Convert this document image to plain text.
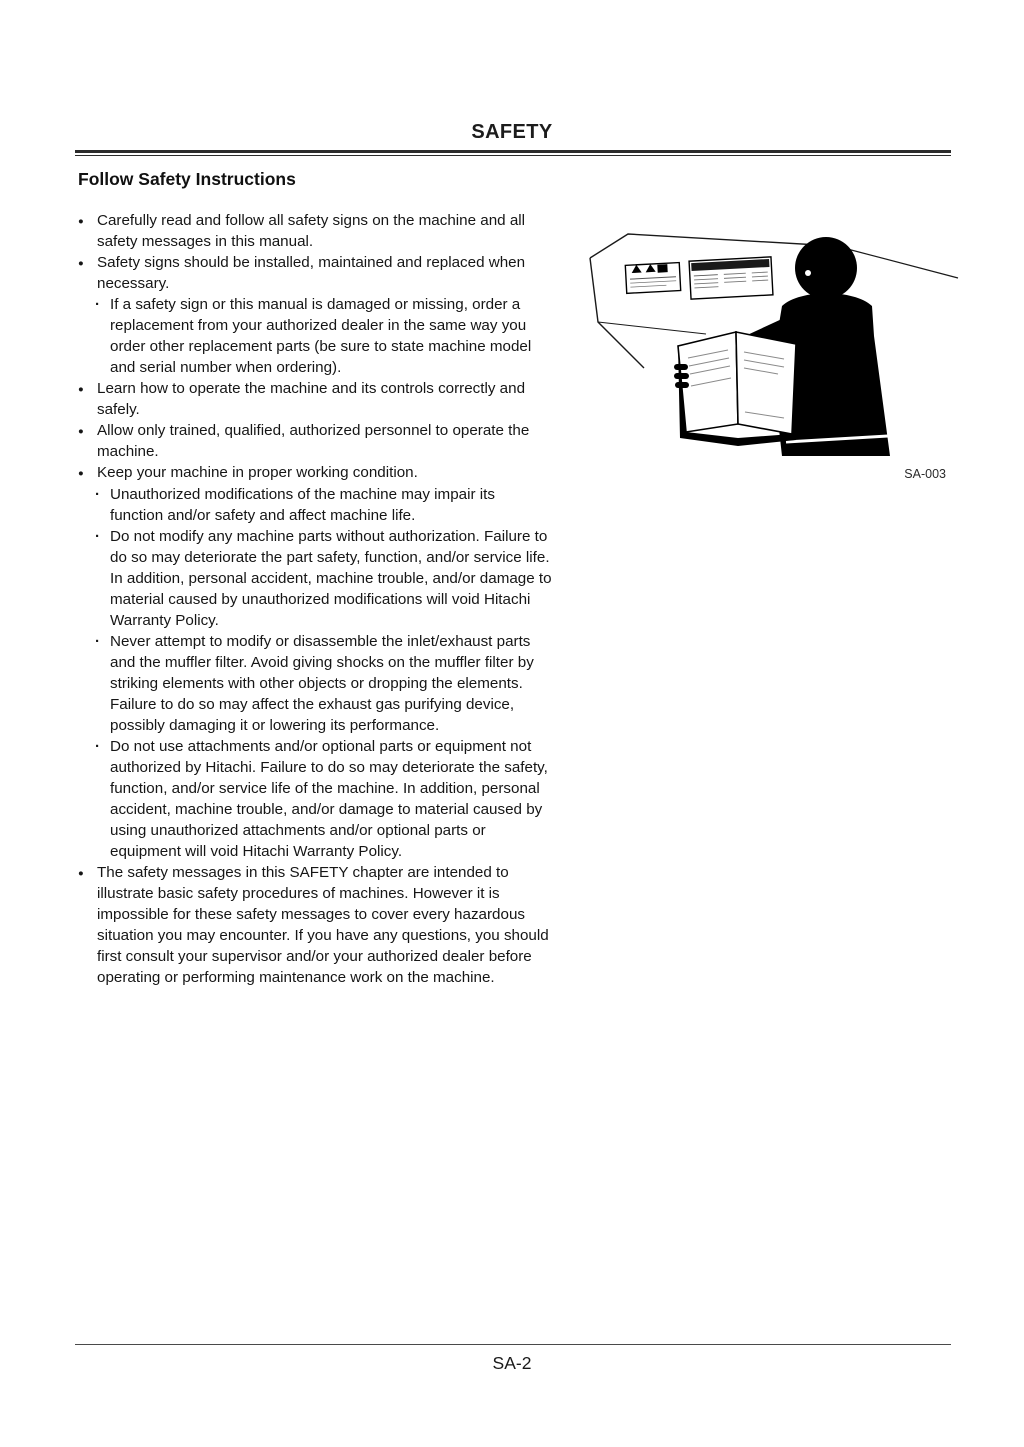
SAFETY
Follow Safety Instructions
● Carefully read and follow all safety signs on the machine and all safety messages in this manual.
● Safety signs should be installed, maintained and replaced when necessary.
· If a safety sign or this manual is damaged or missing, order a replacement from your authorized dealer in the same way you order other replacement parts (be sure to state machine model and serial number when ordering).
● Learn how to operate the machine and its controls correctly and safely.
● Allow only trained, qualified, authorized personnel to operate the machine.
● Keep your machine in proper working condition.
· Unauthorized modifications of the machine may impair its function and/or safety and affect machine life.
· Do not modify any machine parts without authorization. Failure to do so may deteriorate the part safety, function, and/or service life. In addition, personal accident, machine trouble, and/or damage to material caused by unauthorized modifications will void Hitachi Warranty Policy.
· Never attempt to modify or disassemble the inlet/exhaust parts and the muffler filter. Avoid giving shocks on the muffler filter by striking elements with other objects or dropping the elements. Failure to do so may affect the exhaust gas purifying device, possibly damaging it or lowering its performance.
· Do not use attachments and/or optional parts or equipment not authorized by Hitachi. Failure to do so may deteriorate the safety, function, and/or service life of the machine. In addition, personal accident, machine trouble, and/or damage to material caused by using unauthorized attachments and/or optional parts or equipment will void Hitachi Warranty Policy.
● The safety messages in this SAFETY chapter are intended to illustrate basic safety procedures of machines. However it is impossible for these safety messages to cover every hazardous situation you may encounter. If you have any questions, you should first consult your supervisor and/or your authorized dealer before operating or performing maintenance work on the machine.
SA-003
SA-2
